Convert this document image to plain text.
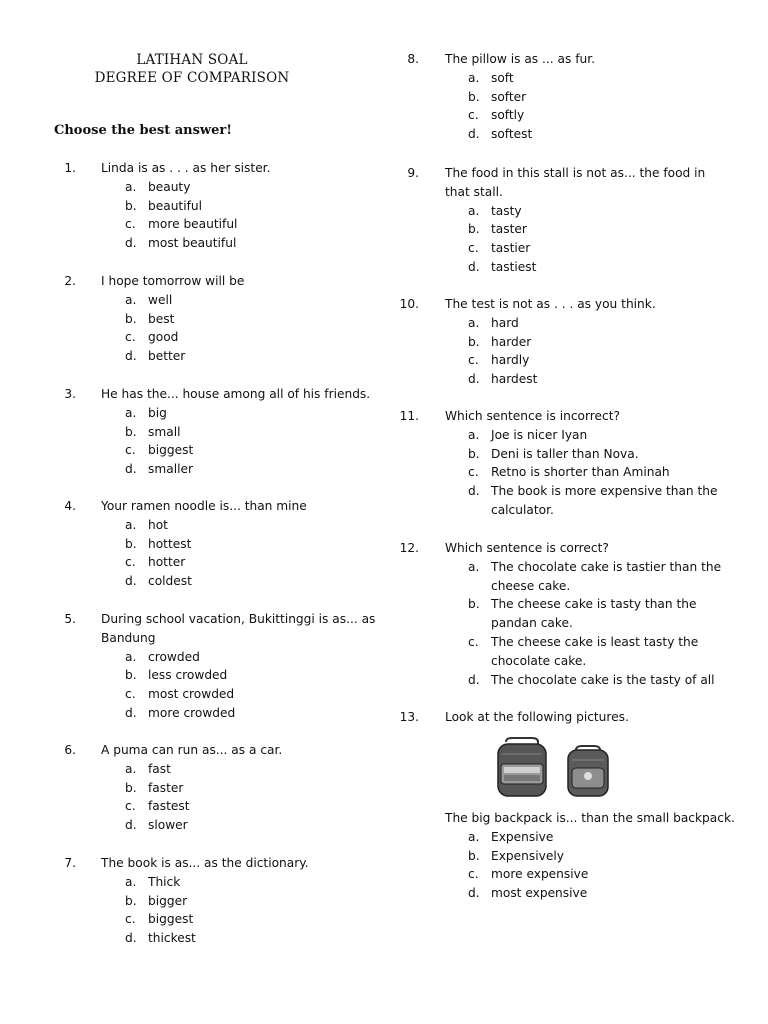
LATIHAN SOAL
DEGREE OF COMPARISON
Choose the best answer!
1. Linda is as . . . as her sister.
a. beauty
b. beautiful
c. more beautiful
d. most beautiful
2. I hope tomorrow will be
a. well
b. best
c. good
d. better
3. He has the... house among all of his friends.
a. big
b. small
c. biggest
d. smaller
4. Your ramen noodle is... than mine
a. hot
b. hottest
c. hotter
d. coldest
5. During school vacation, Bukittinggi is as... as
Bandung
a. crowded
b. less crowded
c. most crowded
d. more crowded
6. A puma can run as... as a car.
a. fast
b. faster
c. fastest
d. slower
7. The book is as... as the dictionary.
a. Thick
b. bigger
c. biggest
d. thickest
8. The pillow is as ... as fur.
a. soft
b. softer
c. softly
d. softest
9. The food in this stall is not as... the food in
that stall.
a. tasty
b. taster
c. tastier
d. tastiest
10. The test is not as . . . as you think.
a. hard
b. harder
c. hardly
d. hardest
11. Which sentence is incorrect?
a. Joe is nicer Iyan
b. Deni is taller than Nova.
c. Retno is shorter than Aminah
d. The book is more expensive than the
calculator.
12. Which sentence is correct?
a. The chocolate cake is tastier than the
cheese cake.
b. The cheese cake is tasty than the
pandan cake.
c. The cheese cake is least tasty the
chocolate cake.
d. The chocolate cake is the tasty of all
13. Look at the following pictures.
The big backpack is... than the small backpack.
a. Expensive
b. Expensively
c. more expensive
d. most expensive
